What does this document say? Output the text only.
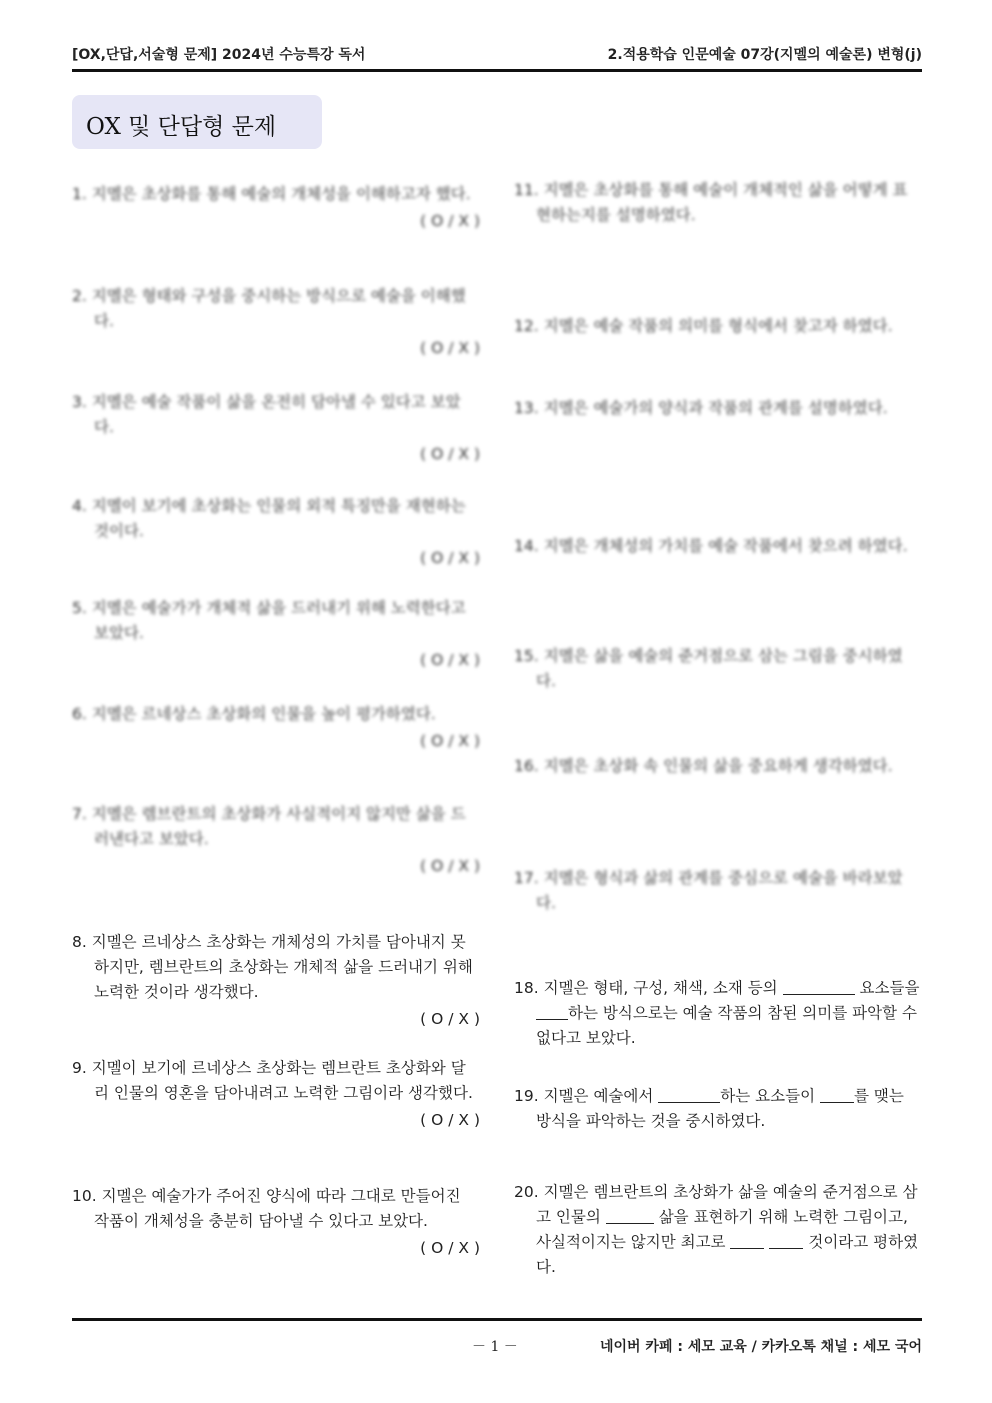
[OX,단답,서술형 문제] 2024년 수능특강 독서	2.적용학습 인문예술 07강(지멜의 예술론) 변형(j)
OX 및 단답형 문제
1. 지멜은 초상화를 통해 예술의 개체성을 이해하고자 했다.
( O / X )
2. 지멜은 형태와 구성을 중시하는 방식으로 예술을 이해했다.
( O / X )
3. 지멜은 예술 작품이 삶을 온전히 담아낼 수 있다고 보았다.
( O / X )
4. 지멜이 보기에 초상화는 인물의 외적 특징만을 재현하는 것이다.
( O / X )
5. 지멜은 예술가가 개체적 삶을 드러내기 위해 노력한다고 보았다.
( O / X )
6. 지멜은 르네상스 초상화의 인물을 높이 평가하였다.
( O / X )
7. 지멜은 렘브란트의 초상화가 사실적이지 않지만 삶을 드러낸다고 보았다.
( O / X )
8. 지멜은 르네상스 초상화는 개체성의 가치를 담아내지 못하지만, 렘브란트의 초상화는 개체적 삶을 드러내기 위해 노력한 것이라 생각했다.
( O / X )
9. 지멜이 보기에 르네상스 초상화는 렘브란트 초상화와 달리 인물의 영혼을 담아내려고 노력한 그림이라 생각했다.
( O / X )
10. 지멜은 예술가가 주어진 양식에 따라 그대로 만들어진 작품이 개체성을 충분히 담아낼 수 있다고 보았다.
( O / X )
11. 지멜은 초상화를 통해 예술이 개체적인 삶을 어떻게 표현하는지를 설명하였다.
12. 지멜은 예술 작품의 의미를 형식에서 찾고자 하였다.
13. 지멜은 예술가의 양식과 작품의 관계를 설명하였다.
14. 지멜은 개체성의 가치를 예술 작품에서 찾으려 하였다.
15. 지멜은 삶을 예술의 준거점으로 삼는 그림을 중시하였다.
16. 지멜은 초상화 속 인물의 삶을 중요하게 생각하였다.
17. 지멜은 형식과 삶의 관계를 중심으로 예술을 바라보았다.
18. 지멜은 형태, 구성, 채색, 소재 등의	요소들을 하는 방식으로는 예술 작품의 참된 의미를 파악할 수 없다고 보았다.
19. 지멜은 예술에서	하는 요소들이	를 맺는 방식을 파악하는 것을 중시하였다.
20. 지멜은 렘브란트의 초상화가 삶을 예술의 준거점으로 삼고 인물의	삶을 표현하기 위해 노력한 그림이고, 사실적이지는 않지만 최고로	것이라고 평하였다.
－ 1 －	네이버 카페 : 세모 교육 / 카카오톡 채널 : 세모 국어
